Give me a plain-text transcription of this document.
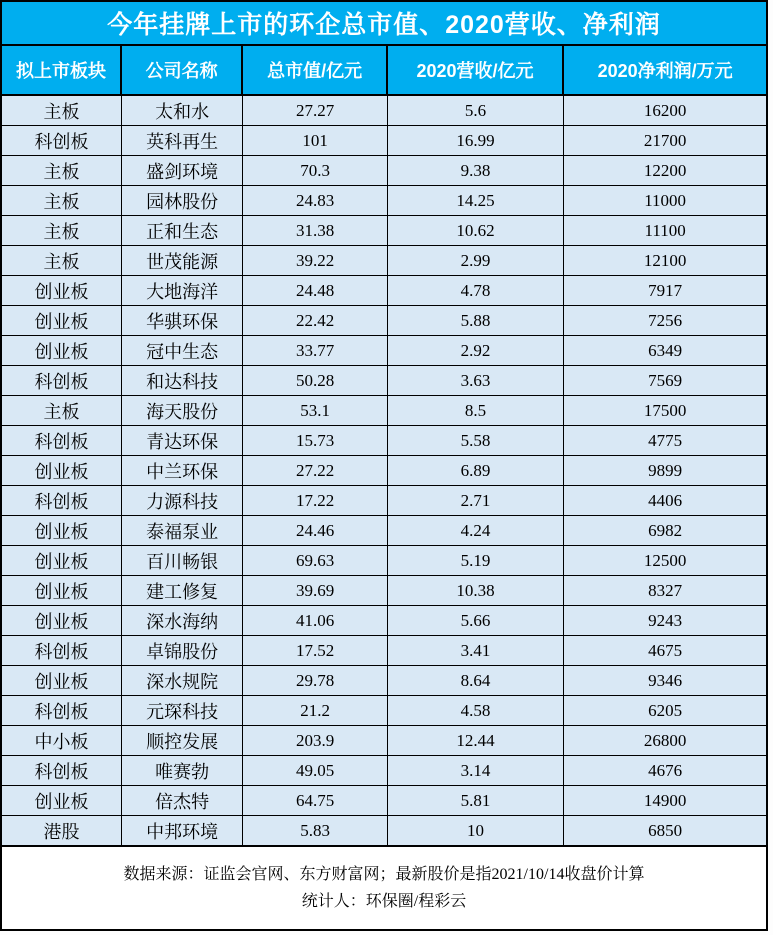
今年挂牌上市的环企总市值、2020营收、净利润
拟上市板块	公司名称	总市值/亿元	2020营收/亿元	2020净利润/万元
主板	太和水	27.27	5.6	16200
科创板	英科再生	101	16.99	21700
主板	盛剑环境	70.3	9.38	12200
主板	园林股份	24.83	14.25	11000
主板	正和生态	31.38	10.62	11100
主板	世茂能源	39.22	2.99	12100
创业板	大地海洋	24.48	4.78	7917
创业板	华骐环保	22.42	5.88	7256
创业板	冠中生态	33.77	2.92	6349
科创板	和达科技	50.28	3.63	7569
主板	海天股份	53.1	8.5	17500
科创板	青达环保	15.73	5.58	4775
创业板	中兰环保	27.22	6.89	9899
科创板	力源科技	17.22	2.71	4406
创业板	泰福泵业	24.46	4.24	6982
创业板	百川畅银	69.63	5.19	12500
创业板	建工修复	39.69	10.38	8327
创业板	深水海纳	41.06	5.66	9243
科创板	卓锦股份	17.52	3.41	4675
创业板	深水规院	29.78	8.64	9346
科创板	元琛科技	21.2	4.58	6205
中小板	顺控发展	203.9	12.44	26800
科创板	唯赛勃	49.05	3.14	4676
创业板	倍杰特	64.75	5.81	14900
港股	中邦环境	5.83	10	6850
数据来源：证监会官网、东方财富网；最新股价是指2021/10/14收盘价计算
统计人：环保圈/程彩云
